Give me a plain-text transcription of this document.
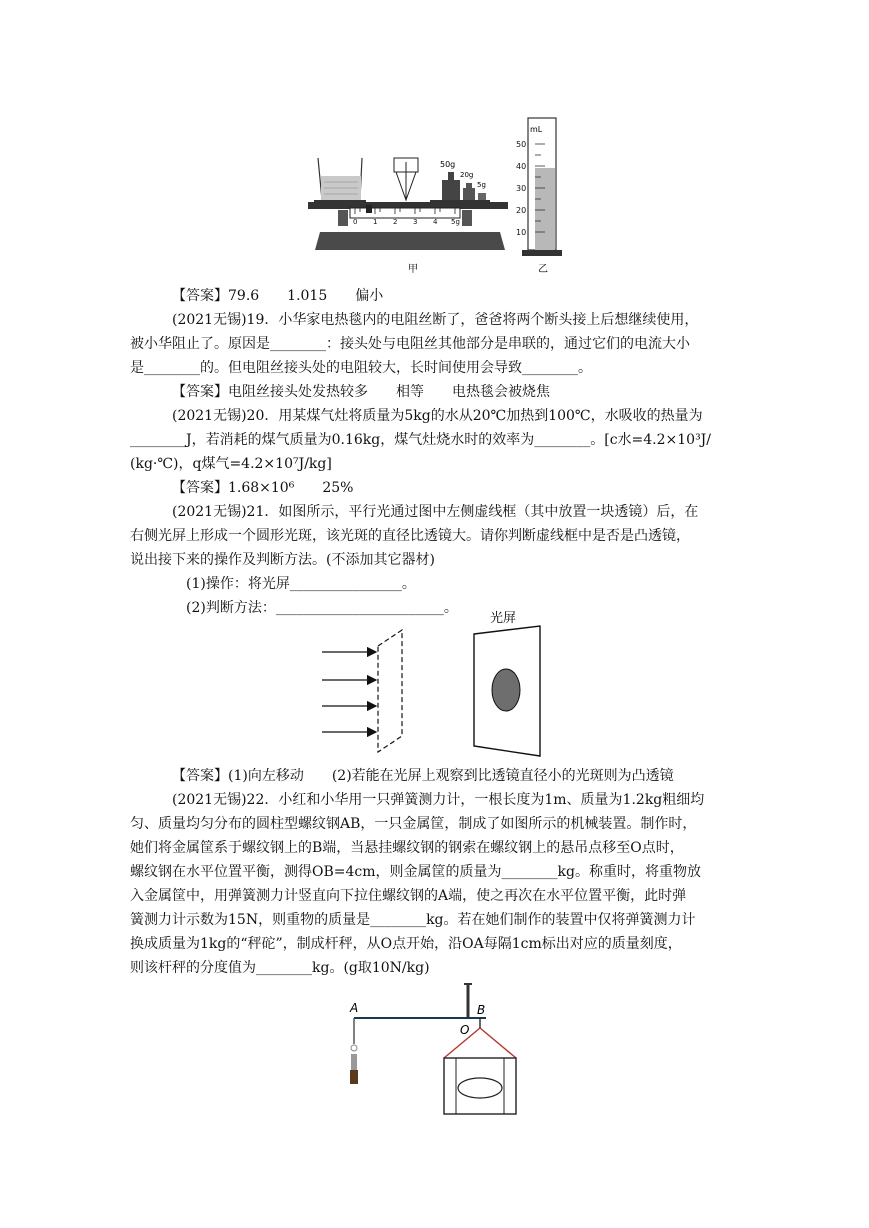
0 1 2 3 4 5g
50g
20g
5g
mL
50
40
30
20
10
甲	乙
【答案】79.6　　1.015　　偏小
(2021无锡)19．小华家电热毯内的电阻丝断了，爸爸将两个断头接上后想继续使用，
被小华阻止了。原因是________：接头处与电阻丝其他部分是串联的，通过它们的电流大小
是________的。但电阻丝接头处的电阻较大，长时间使用会导致________。
【答案】电阻丝接头处发热较多　　相等　　电热毯会被烧焦
(2021无锡)20．用某煤气灶将质量为5kg的水从20℃加热到100℃，水吸收的热量为
________J，若消耗的煤气质量为0.16kg，煤气灶烧水时的效率为________。[c水=4.2×10³J/
(kg·℃)，q煤气=4.2×10⁷J/kg]
【答案】1.68×10⁶　　25%
(2021无锡)21．如图所示，平行光通过图中左侧虚线框（其中放置一块透镜）后，在
右侧光屏上形成一个圆形光斑，该光斑的直径比透镜大。请你判断虚线框中是否是凸透镜，
说出接下来的操作及判断方法。(不添加其它器材)
(1)操作：将光屏________________。
(2)判断方法：________________________。
光屏
【答案】(1)向左移动　　(2)若能在光屏上观察到比透镜直径小的光斑则为凸透镜
(2021无锡)22．小红和小华用一只弹簧测力计，一根长度为1m、质量为1.2kg粗细均
匀、质量均匀分布的圆柱型螺纹钢AB，一只金属筐，制成了如图所示的机械装置。制作时，
她们将金属筐系于螺纹钢上的B端，当悬挂螺纹钢的钢索在螺纹钢上的悬吊点移至O点时，
螺纹钢在水平位置平衡，测得OB=4cm，则金属筐的质量为________kg。称重时，将重物放
入金属筐中，用弹簧测力计竖直向下拉住螺纹钢的A端，使之再次在水平位置平衡，此时弹
簧测力计示数为15N，则重物的质量是________kg。若在她们制作的装置中仅将弹簧测力计
换成质量为1kg的“秤砣”，制成杆秤，从O点开始，沿OA每隔1cm标出对应的质量刻度，
则该杆秤的分度值为________kg。(g取10N/kg)
A	B
O
